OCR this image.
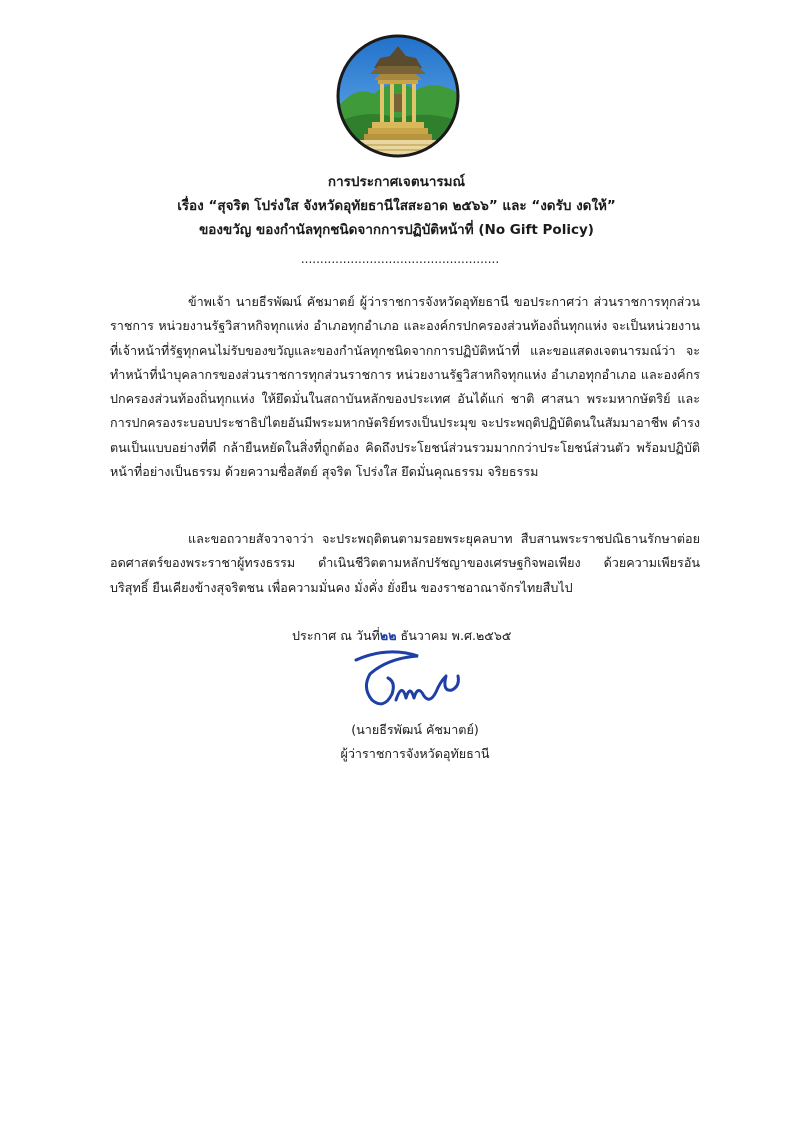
การประกาศเจตนารมณ์
เรื่อง “สุจริต โปร่งใส จังหวัดอุทัยธานีใสสะอาด ๒๕๖๖” และ “งดรับ งดให้”
ของขวัญ ของกำนัลทุกชนิดจากการปฏิบัติหน้าที่ (No Gift Policy)
....................................................

ข้าพเจ้า นายธีรพัฒน์ คัชมาตย์ ผู้ว่าราชการจังหวัดอุทัยธานี ขอประกาศว่า ส่วนราชการทุกส่วนราชการ หน่วยงานรัฐวิสาหกิจทุกแห่ง อำเภอทุกอำเภอ และองค์กรปกครองส่วนท้องถิ่นทุกแห่ง จะเป็นหน่วยงานที่เจ้าหน้าที่รัฐทุกคนไม่รับของขวัญและของกำนัลทุกชนิดจากการปฏิบัติหน้าที่ และขอแสดงเจตนารมณ์ว่า จะทำหน้าที่นำบุคลากรของส่วนราชการทุกส่วนราชการ หน่วยงานรัฐวิสาหกิจทุกแห่ง อำเภอทุกอำเภอ และองค์กรปกครองส่วนท้องถิ่นทุกแห่ง ให้ยึดมั่นในสถาบันหลักของประเทศ อันได้แก่ ชาติ ศาสนา พระมหากษัตริย์ และการปกครองระบอบประชาธิปไตยอันมีพระมหากษัตริย์ทรงเป็นประมุข จะประพฤติปฏิบัติตนในสัมมาอาชีพ ดำรงตนเป็นแบบอย่างที่ดี กล้ายืนหยัดในสิ่งที่ถูกต้อง คิดถึงประโยชน์ส่วนรวมมากกว่าประโยชน์ส่วนตัว พร้อมปฏิบัติหน้าที่อย่างเป็นธรรม ด้วยความซื่อสัตย์ สุจริต โปร่งใส ยึดมั่นคุณธรรม จริยธรรม

และขอถวายสัจวาจาว่า จะประพฤติตนตามรอยพระยุคลบาท สืบสานพระราชปณิธานรักษาต่อยอดศาสตร์ของพระราชาผู้ทรงธรรม ดำเนินชีวิตตามหลักปรัชญาของเศรษฐกิจพอเพียง ด้วยความเพียรอันบริสุทธิ์ ยืนเคียงข้างสุจริตชน เพื่อความมั่นคง มั่งคั่ง ยั่งยืน ของราชอาณาจักรไทยสืบไป

ประกาศ ณ วันที่๒๒ ธันวาคม พ.ศ.๒๕๖๕
(นายธีรพัฒน์ คัชมาตย์)
ผู้ว่าราชการจังหวัดอุทัยธานี
